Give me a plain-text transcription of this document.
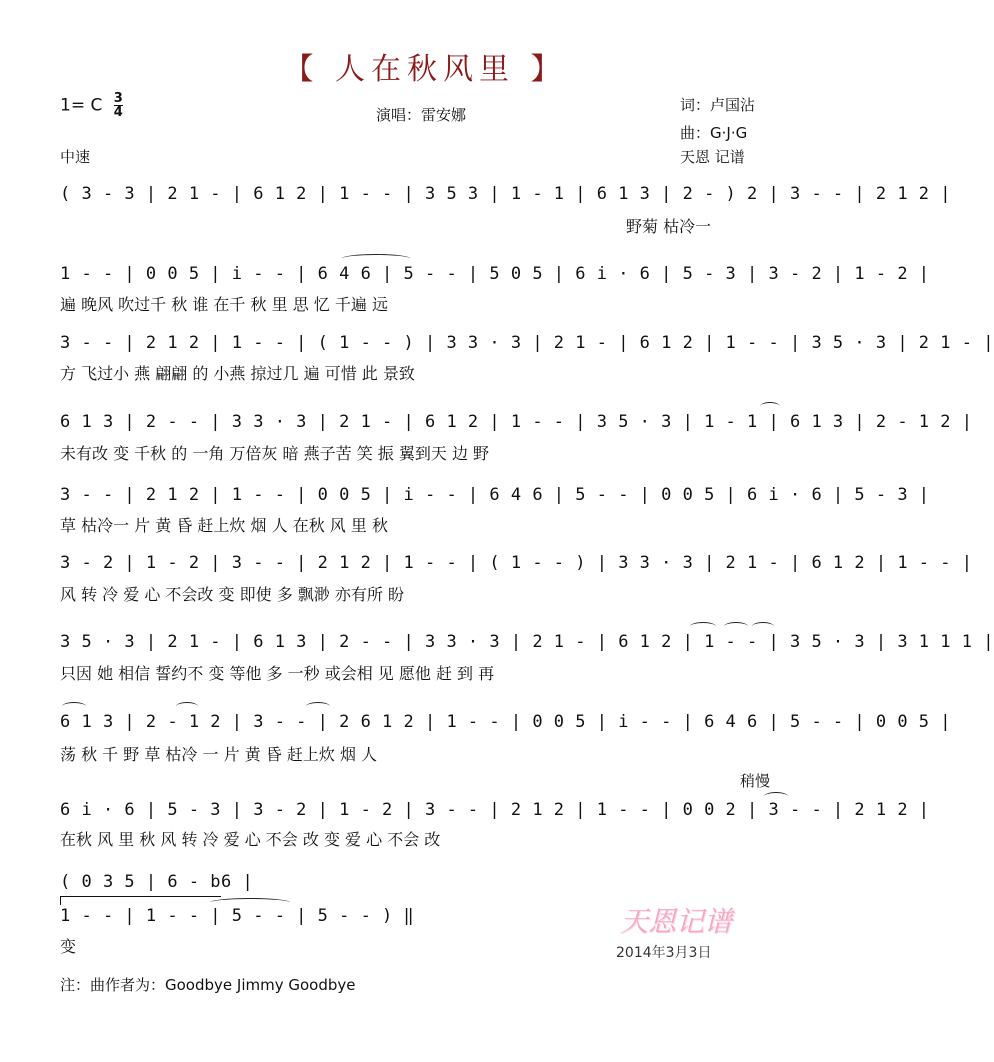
【 人在秋风里 】
1= C $\frac{3}{4}$
中速
演唱：雷安娜
词：卢国沾
曲：G·J·G
天恩 记谱
( 3 - 3 | 2 1 - | 6 1 2 | 1 - - | 3 5 3 | 1 - 1 | 6 1 3 | 2 - ) 2 | 3 - - | 2 1 2 |
野菊 枯冷一
1 - - | 0 0 5 | i - - | 6 4 6 | 5 - - | 5 0 5 | 6 i · 6 | 5 - 3 | 3 - 2 | 1 - 2 |
遍 晚风 吹过千 秋 谁 在千 秋 里 思 忆 千遍 远
3 - - | 2 1 2 | 1 - - | ( 1 - - ) | 3 3 · 3 | 2 1 - | 6 1 2 | 1 - - | 3 5 · 3 | 2 1 - |
方 飞过小 燕 翩翩 的 小燕 掠过几 遍 可惜 此 景致
6 1 3 | 2 - - | 3 3 · 3 | 2 1 - | 6 1 2 | 1 - - | 3 5 · 3 | 1 - 1 | 6 1 3 | 2 - 1 2 |
未有改 变 千秋 的 一角 万倍灰 暗 燕子苦 笑 振 翼到天 边 野
3 - - | 2 1 2 | 1 - - | 0 0 5 | i - - | 6 4 6 | 5 - - | 0 0 5 | 6 i · 6 | 5 - 3 |
草 枯冷一 片 黄 昏 赶上炊 烟 人 在秋 风 里 秋
3 - 2 | 1 - 2 | 3 - - | 2 1 2 | 1 - - | ( 1 - - ) | 3 3 · 3 | 2 1 - | 6 1 2 | 1 - - |
风 转 冷 爱 心 不会改 变 即使 多 飘渺 亦有所 盼
3 5 · 3 | 2 1 - | 6 1 3 | 2 - - | 3 3 · 3 | 2 1 - | 6 1 2 | 1 - - | 3 5 · 3 | 3 1 1 1 |
只因 她 相信 誓约不 变 等他 多 一秒 或会相 见 愿他 赶 到 再
6 1 3 | 2 - 1 2 | 3 - - | 2 6 1 2 | 1 - - | 0 0 5 | i - - | 6 4 6 | 5 - - | 0 0 5 |
荡 秋 千 野 草 枯冷 一 片 黄 昏 赶上炊 烟 人
稍慢
6 i · 6 | 5 - 3 | 3 - 2 | 1 - 2 | 3 - - | 2 1 2 | 1 - - | 0 0 2 | 3 - - | 2 1 2 |
在秋 风 里 秋 风 转 冷 爱 心 不会 改 变 爱 心 不会 改
( 0 3 5 | 6 - b6 |
1 - - | 1 - - | 5 - - | 5 - - ) ‖
变
天恩记谱
2014年3月3日
注：曲作者为：Goodbye Jimmy Goodbye
